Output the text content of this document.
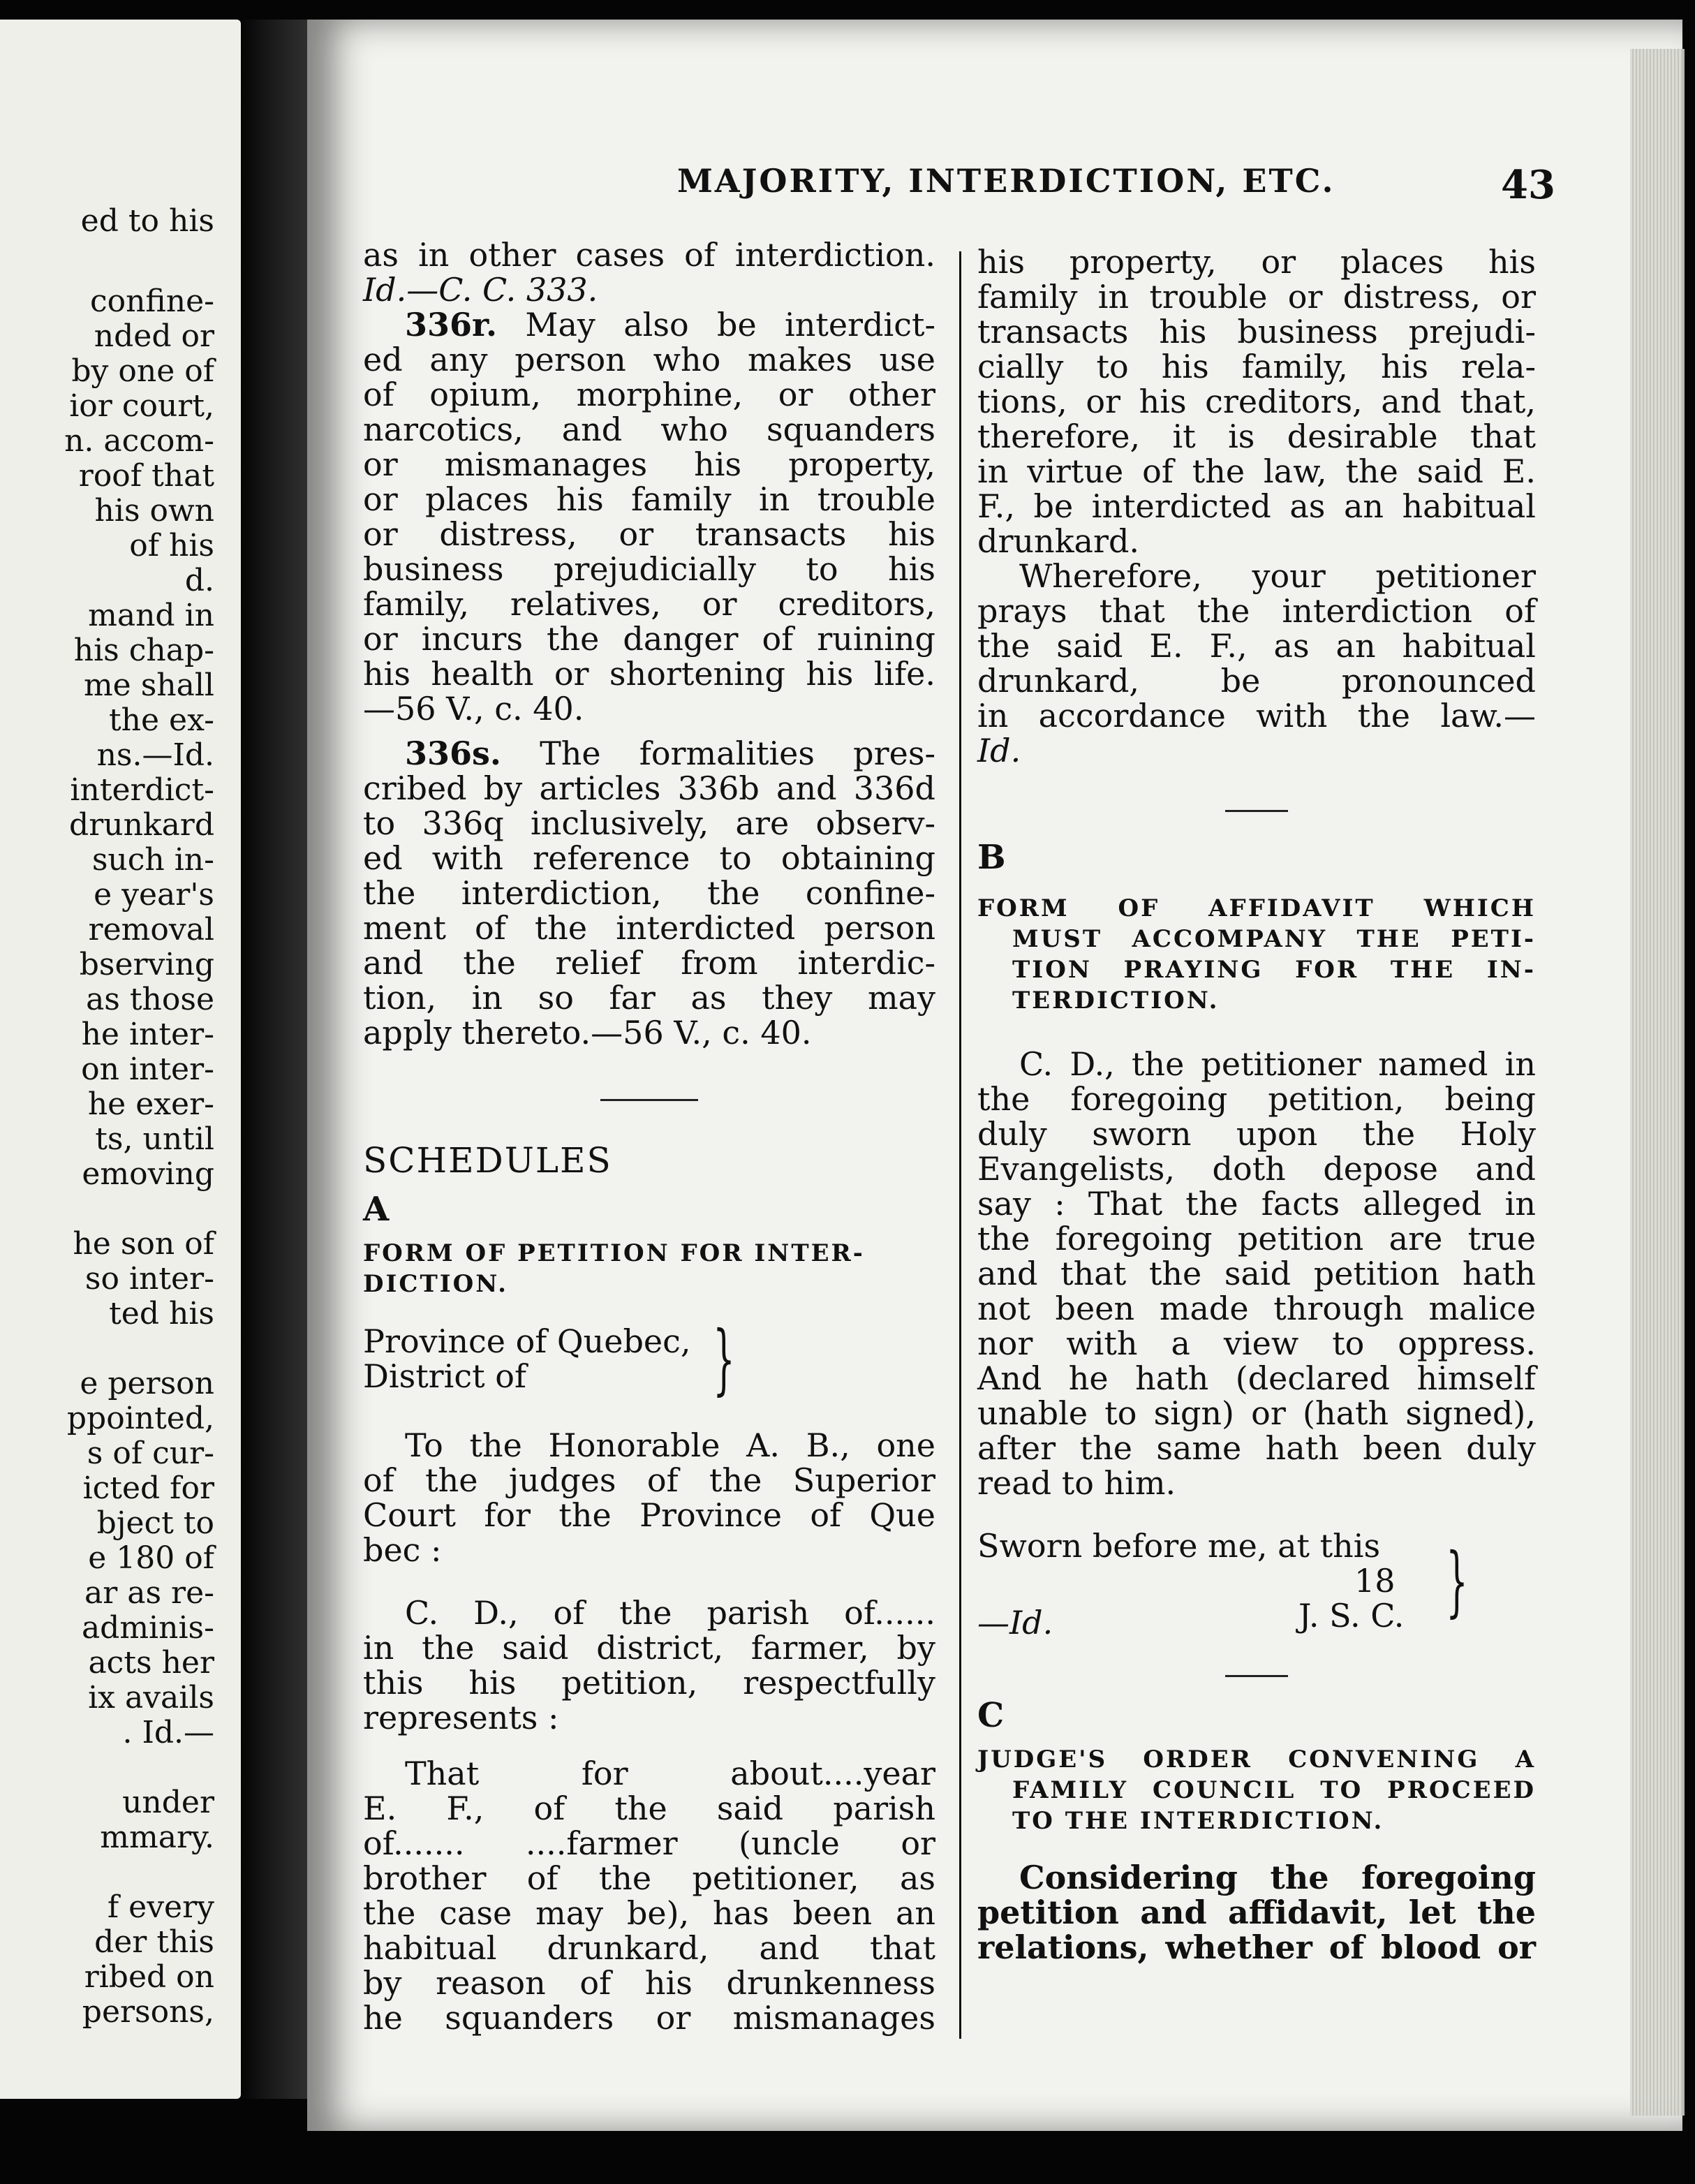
ed to his
confine-
nded or
by one of
ior court,
n. accom-
roof that
his own
of his
d.
mand in
his chap-
me shall
the ex-
ns.—Id.
interdict-
drunkard
such in-
e year's
removal
bserving
as those
he inter-
on inter-
he exer-
ts, until
emoving
he son of
so inter-
ted his
e person
ppointed,
s of cur-
icted for
bject to
e 180 of
ar as re-
adminis-
acts her
ix avails
. Id.—
under
mmary.
f every
der this
ribed on
persons,
MAJORITY, INTERDICTION, ETC.	43

as in other cases of interdiction.

Id.—C. C. 333.

336r. May also be interdict-

ed any person who makes use

of opium, morphine, or other

narcotics, and who squanders

or mismanages his property,

or places his family in trouble

or distress, or transacts his

business prejudicially to his

family, relatives, or creditors,

or incurs the danger of ruining

his health or shortening his life.

—56 V., c. 40.

336s. The formalities pres-

cribed by articles 336b and 336d

to 336q inclusively, are observ-

ed with reference to obtaining

the interdiction, the confine-

ment of the interdicted person

and the relief from interdic-

tion, in so far as they may

apply thereto.—56 V., c. 40.

SCHEDULES

A

FORM OF PETITION FOR INTER-

DICTION.

Province of Quebec,

District of	}

To the Honorable A. B., one

of the judges of the Superior

Court for the Province of Que

bec :

C. D., of the parish of......

in the said district, farmer, by

this his petition, respectfully

represents :

That for about....year

E. F., of the said parish

of....... ....farmer (uncle or

brother of the petitioner, as

the case may be), has been an

habitual drunkard, and that

by reason of his drunkenness

he squanders or mismanages

his property, or places his

family in trouble or distress, or

transacts his business prejudi-

cially to his family, his rela-

tions, or his creditors, and that,

therefore, it is desirable that

in virtue of the law, the said E.

F., be interdicted as an habitual

drunkard.

Wherefore, your petitioner

prays that the interdiction of

the said E. F., as an habitual

drunkard, be pronounced

in accordance with the law.—

Id.

B

FORM OF AFFIDAVIT WHICH

MUST ACCOMPANY THE PETI-

TION PRAYING FOR THE IN-

TERDICTION.

C. D., the petitioner named in

the foregoing petition, being

duly sworn upon the Holy

Evangelists, doth depose and

say : That the facts alleged in

the foregoing petition are true

and that the said petition hath

not been made through malice

nor with a view to oppress.

And he hath (declared himself

unable to sign) or (hath signed),

after the same hath been duly

read to him.

Sworn before me, at this

18

J. S. C. }

—Id.

C

JUDGE'S ORDER CONVENING A

FAMILY COUNCIL TO PROCEED

TO THE INTERDICTION.

Considering the foregoing

petition and affidavit, let the

relations, whether of blood or
